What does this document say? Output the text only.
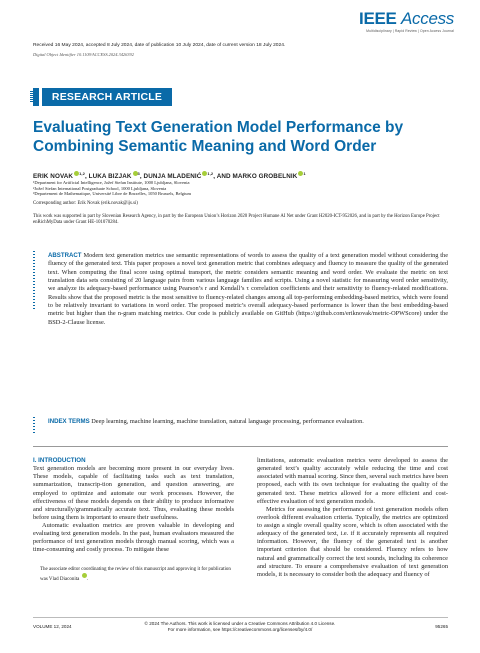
IEEE Access
Multidisciplinary | Rapid Review | Open Access Journal
Received 16 May 2024, accepted 8 July 2024, date of publication 10 July 2024, date of current version 18 July 2024.
Digital Object Identifier 10.1109/ACCESS.2024.3426392
RESEARCH ARTICLE
Evaluating Text Generation Model Performance by Combining Semantic Meaning and Word Order
ERIK NOVAK $^{1,2}$, LUKA BIZJAK $^3$, DUNJA MLADENIĆ $^{1,2}$, AND MARKO GROBELNIK $^1$
¹Department for Artificial Intelligence, Jožef Stefan Institute, 1000 Ljubljana, Slovenia
²Jožef Stefan International Postgraduate School, 1000 Ljubljana, Slovenia
³Departement de Mathematique, Université Libre de Bruxelles, 1050 Brussels, Belgium
Corresponding author: Erik Novak (erik.novak@ijs.si)
This work was supported in part by Slovenian Research Agency, in part by the European Union’s Horizon 2020 Project Humane AI Net under Grant H2020-ICT-952026, and in part by the Horizon Europe Project enRichMyData under Grant HE-101070284.
ABSTRACT Modern text generation metrics use semantic representations of words to assess the quality of a text generation model without considering the fluency of the generated text. This paper proposes a novel text generation metric that combines adequacy and fluency to measure the quality of the generated text. When computing the final score using optimal transport, the metric considers semantic meaning and word order. We evaluate the metric on text translation data sets consisting of 20 language pairs from various language families and scripts. Using a novel statistic for measuring word order sensitivity, we analyze its adequacy-based performance using Pearson’s r and Kendall’s τ correlation coefficients and their sensitivity to fluency-related modifications. Results show that the proposed metric is the most sensitive to fluency-related changes among all top-performing embedding-based metrics, which were found to be relatively invariant to variations in word order. The proposed metric’s overall adequacy-based performance is lower than the best embedding-based metric but higher than the n-gram matching metrics. Our code is publicly available on GitHub (https://github.com/eriknovak/metric-OPWScore) under the BSD-2-Clause license.
INDEX TERMS Deep learning, machine learning, machine translation, natural language processing, performance evaluation.
I. INTRODUCTION
Text generation models are becoming more present in our everyday lives. These models, capable of facilitating tasks such as text translation, summarization, transcrip-tion generation, and question answering, are employed to optimize and automate our work processes. However, the effectiveness of these models depends on their ability to produce informative and structurally/grammatically accurate text. Thus, evaluating these models before using them is important to ensure their usefulness.
Automatic evaluation metrics are proven valuable in developing and evaluating text generation models. In the past, human evaluators measured the performance of text generation models through manual scoring, which was a time-consuming and costly process. To mitigate these
The associate editor coordinating the review of this manuscript and approving it for publication was Vlad Diaconita .
limitations, automatic evaluation metrics were developed to assess the generated text’s quality accurately while reducing the time and cost associated with manual scoring. Since then, several such metrics have been proposed, each with its own technique for evaluating the quality of the generated text. These metrics allowed for a more efficient and cost-effective evaluation of text generation models.
Metrics for assessing the performance of text generation models often overlook different evaluation criteria. Typically, the metrics are optimized to assign a single overall quality score, which is often associated with the adequacy of the generated text, i.e. if it accurately represents all required information. However, the fluency of the generated text is another important criterion that should be considered. Fluency refers to how natural and grammatically correct the text sounds, including its coherence and structure. To ensure a comprehensive evaluation of text generation models, it is necessary to consider both the adequacy and fluency of
© 2024 The Authors. This work is licensed under a Creative Commons Attribution 4.0 License.
For more information, see https://creativecommons.org/licenses/by/4.0/
VOLUME 12, 2024	95265
